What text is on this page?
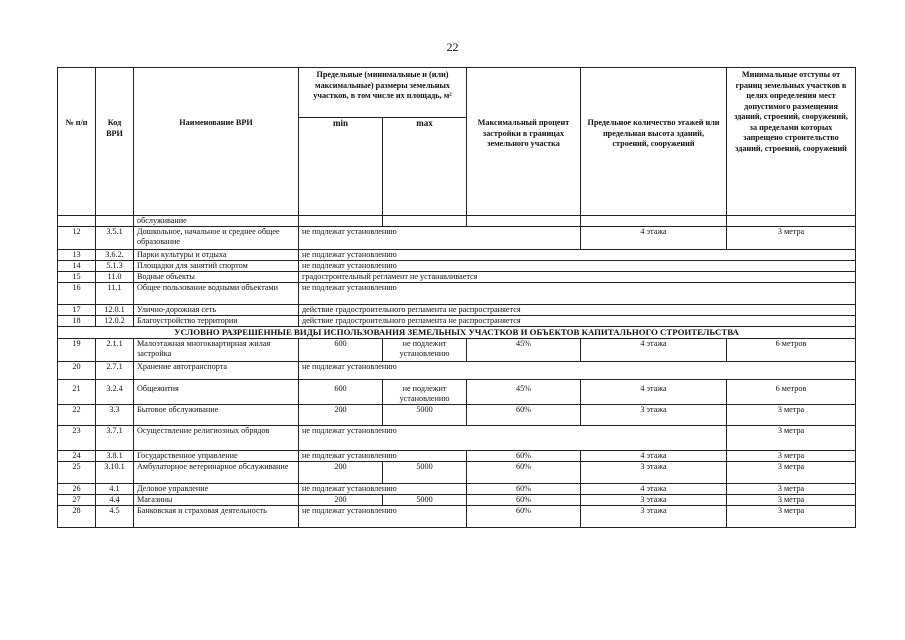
22
№ п/п	Код ВРИ	Наименование ВРИ	Предельные (минимальные и (или) максимальные) размеры земельных участков, в том числе их площадь, м²		Максимальный процент застройки в границах земельного участка	Предельное количество этажей или предельная высота зданий, строений, сооружений	Минимальные отступы от границ земельных участков в целях определения мест допустимого размещения зданий, строений, сооружений, за пределами которых запрещено строительство зданий, строений, сооружений
			min	max			
		обслуживание					
12	3.5.1	Дошкольное, начальное и среднее общее образование	не подлежат установлению			4 этажа	3 метра
13	3.6.2.	Парки культуры и отдыха	не подлежат установлению				
14	5.1.3	Площадки для занятий спортом	не подлежат установлению				
15	11.0	Водные объекты	градостроительный регламент не устанавливается				
16	11.1	Общее пользование водными объектами	не подлежат установлению				
17	12.0.1	Улично-дорожная сеть	действие градостроительного регламента не распространяется				
18	12.0.2	Благоустройство территории	действие градостроительного регламента не распространяется				
УСЛОВНО РАЗРЕШЕННЫЕ ВИДЫ ИСПОЛЬЗОВАНИЯ ЗЕМЕЛЬНЫХ УЧАСТКОВ И ОБЪЕКТОВ КАПИТАЛЬНОГО СТРОИТЕЛЬСТВА							
19	2.1.1	Малоэтажная многоквартирная жилая застройка	600	не подлежит установлению	45%	4 этажа	6 метров
20	2.7.1	Хранение автотранспорта	не подлежат установлению				
21	3.2.4	Общежития	600	не подлежит установлению	45%	4 этажа	6 метров
22	3.3	Бытовое обслуживание	200	5000	60%	3 этажа	3 метра
23	3.7.1	Осуществление религиозных обрядов	не подлежат установлению				3 метра
24	3.8.1	Государственное управление	не подлежат установлению		60%	4 этажа	3 метра
25	3.10.1	Амбулаторное ветеринарное обслуживание	200	5000	60%	3 этажа	3 метра
26	4.1	Деловое управление	не подлежат установлению		60%	4 этажа	3 метра
27	4.4	Магазины	200	5000	60%	3 этажа	3 метра
28	4.5	Банковская и страховая деятельность	не подлежат установлению		60%	3 этажа	3 метра
